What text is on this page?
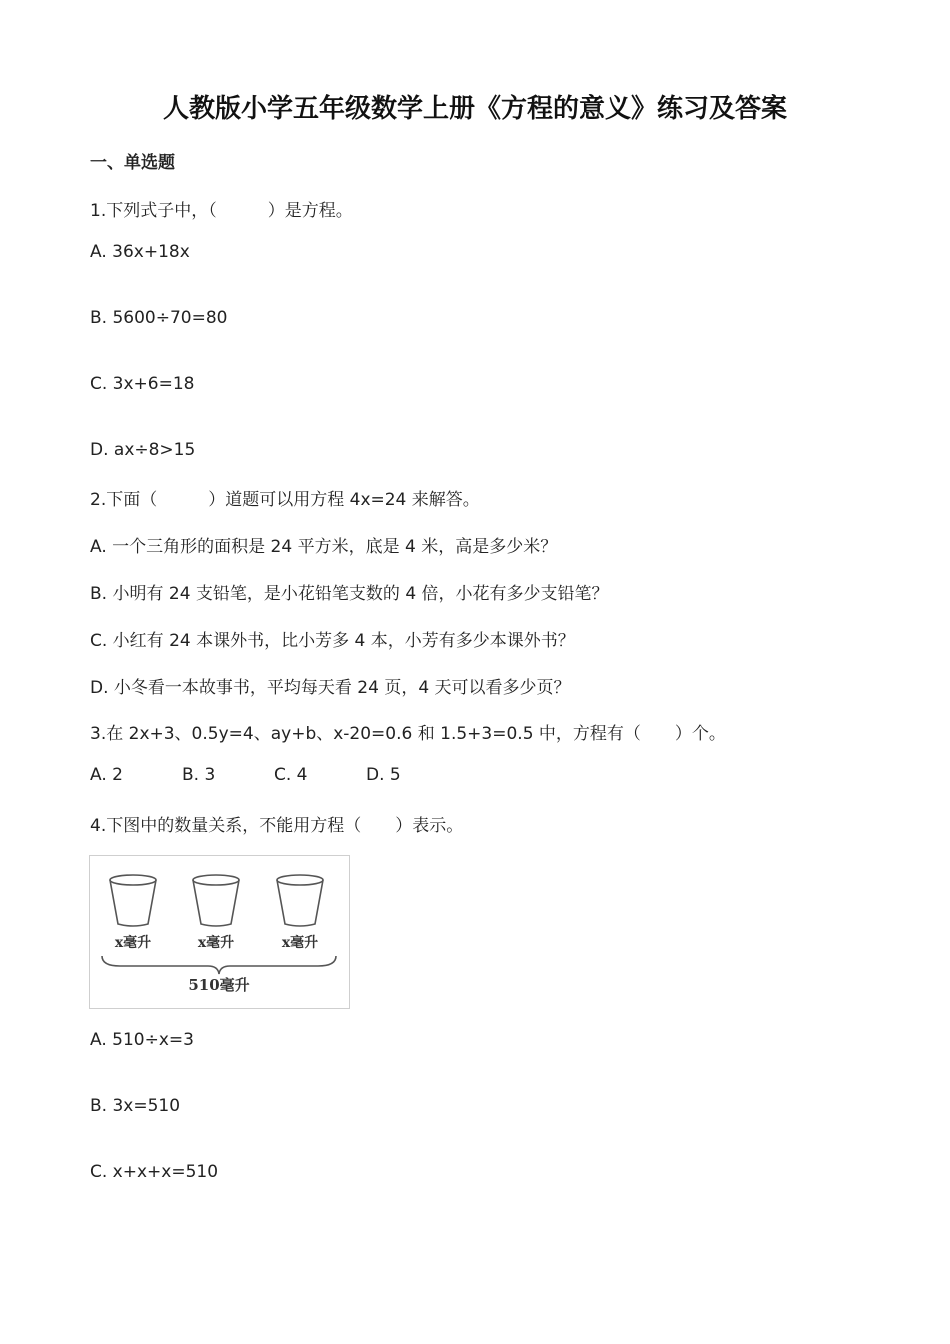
人教版小学五年级数学上册《方程的意义》练习及答案
一、单选题
1.下列式子中，（　　　）是方程。
A. 36x+18x
B. 5600÷70=80
C. 3x+6=18
D. ax÷8>15
2.下面（　　　）道题可以用方程 4x=24 来解答。
A. 一个三角形的面积是 24 平方米，底是 4 米，高是多少米？
B. 小明有 24 支铅笔，是小花铅笔支数的 4 倍，小花有多少支铅笔？
C. 小红有 24 本课外书，比小芳多 4 本，小芳有多少本课外书？
D. 小冬看一本故事书，平均每天看 24 页，4 天可以看多少页？
3.在 2x+3、0.5y=4、ay+b、x-20=0.6 和 1.5+3=0.5 中，方程有（　　）个。
A. 2	B. 3	C. 4	D. 5
4.下图中的数量关系，不能用方程（　　）表示。
x毫升	x毫升	x毫升
510毫升
A. 510÷x=3
B. 3x=510
C. x+x+x=510
